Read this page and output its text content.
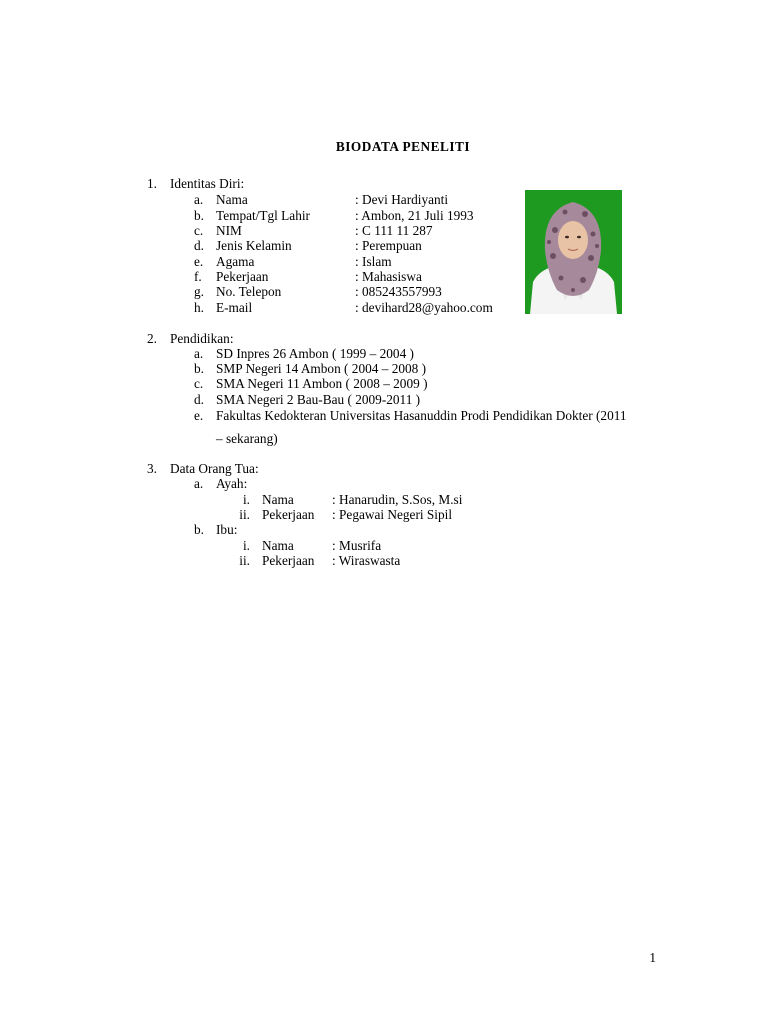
BIODATA PENELITI
1. Identitas Diri:
a. Nama	: Devi Hardiyanti
b. Tempat/Tgl Lahir	: Ambon, 21 Juli 1993
c. NIM	: C 111 11 287
d. Jenis Kelamin	: Perempuan
e. Agama	: Islam
f. Pekerjaan	: Mahasiswa
g. No. Telepon	: 085243557993
h. E-mail	: devihard28@yahoo.com
2. Pendidikan:
a. SD Inpres 26 Ambon ( 1999 – 2004 )
b. SMP Negeri 14 Ambon ( 2004 – 2008 )
c. SMA Negeri 11 Ambon ( 2008 – 2009 )
d. SMA Negeri 2 Bau-Bau ( 2009-2011 )
e. Fakultas Kedokteran Universitas Hasanuddin Prodi Pendidikan Dokter (2011
– sekarang)
3. Data Orang Tua:
a. Ayah:
i. Nama	: Hanarudin, S.Sos, M.si
ii. Pekerjaan : Pegawai Negeri Sipil
b. Ibu:
i. Nama	: Musrifa
ii. Pekerjaan : Wiraswasta
1
